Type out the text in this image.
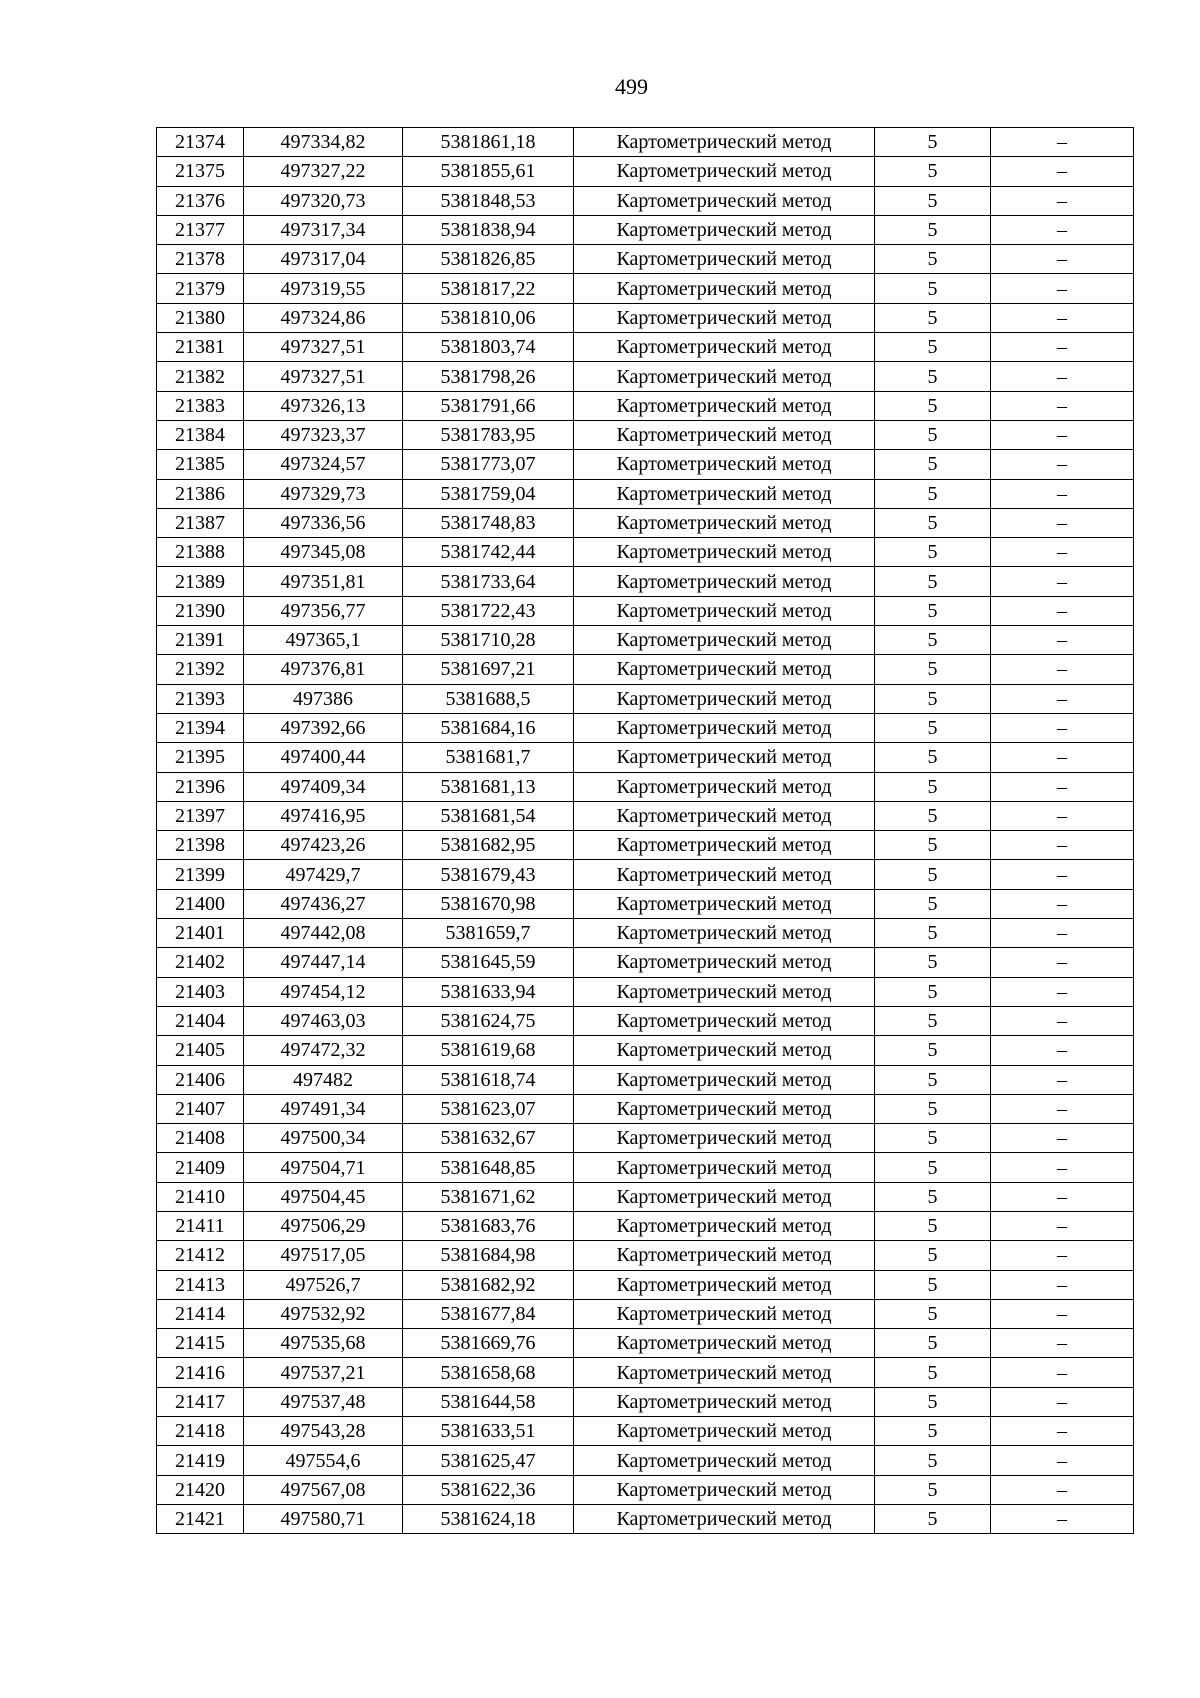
499
21374	497334,82	5381861,18	Картометрический метод	5	–
21375	497327,22	5381855,61	Картометрический метод	5	–
21376	497320,73	5381848,53	Картометрический метод	5	–
21377	497317,34	5381838,94	Картометрический метод	5	–
21378	497317,04	5381826,85	Картометрический метод	5	–
21379	497319,55	5381817,22	Картометрический метод	5	–
21380	497324,86	5381810,06	Картометрический метод	5	–
21381	497327,51	5381803,74	Картометрический метод	5	–
21382	497327,51	5381798,26	Картометрический метод	5	–
21383	497326,13	5381791,66	Картометрический метод	5	–
21384	497323,37	5381783,95	Картометрический метод	5	–
21385	497324,57	5381773,07	Картометрический метод	5	–
21386	497329,73	5381759,04	Картометрический метод	5	–
21387	497336,56	5381748,83	Картометрический метод	5	–
21388	497345,08	5381742,44	Картометрический метод	5	–
21389	497351,81	5381733,64	Картометрический метод	5	–
21390	497356,77	5381722,43	Картометрический метод	5	–
21391	497365,1	5381710,28	Картометрический метод	5	–
21392	497376,81	5381697,21	Картометрический метод	5	–
21393	497386	5381688,5	Картометрический метод	5	–
21394	497392,66	5381684,16	Картометрический метод	5	–
21395	497400,44	5381681,7	Картометрический метод	5	–
21396	497409,34	5381681,13	Картометрический метод	5	–
21397	497416,95	5381681,54	Картометрический метод	5	–
21398	497423,26	5381682,95	Картометрический метод	5	–
21399	497429,7	5381679,43	Картометрический метод	5	–
21400	497436,27	5381670,98	Картометрический метод	5	–
21401	497442,08	5381659,7	Картометрический метод	5	–
21402	497447,14	5381645,59	Картометрический метод	5	–
21403	497454,12	5381633,94	Картометрический метод	5	–
21404	497463,03	5381624,75	Картометрический метод	5	–
21405	497472,32	5381619,68	Картометрический метод	5	–
21406	497482	5381618,74	Картометрический метод	5	–
21407	497491,34	5381623,07	Картометрический метод	5	–
21408	497500,34	5381632,67	Картометрический метод	5	–
21409	497504,71	5381648,85	Картометрический метод	5	–
21410	497504,45	5381671,62	Картометрический метод	5	–
21411	497506,29	5381683,76	Картометрический метод	5	–
21412	497517,05	5381684,98	Картометрический метод	5	–
21413	497526,7	5381682,92	Картометрический метод	5	–
21414	497532,92	5381677,84	Картометрический метод	5	–
21415	497535,68	5381669,76	Картометрический метод	5	–
21416	497537,21	5381658,68	Картометрический метод	5	–
21417	497537,48	5381644,58	Картометрический метод	5	–
21418	497543,28	5381633,51	Картометрический метод	5	–
21419	497554,6	5381625,47	Картометрический метод	5	–
21420	497567,08	5381622,36	Картометрический метод	5	–
21421	497580,71	5381624,18	Картометрический метод	5	–
